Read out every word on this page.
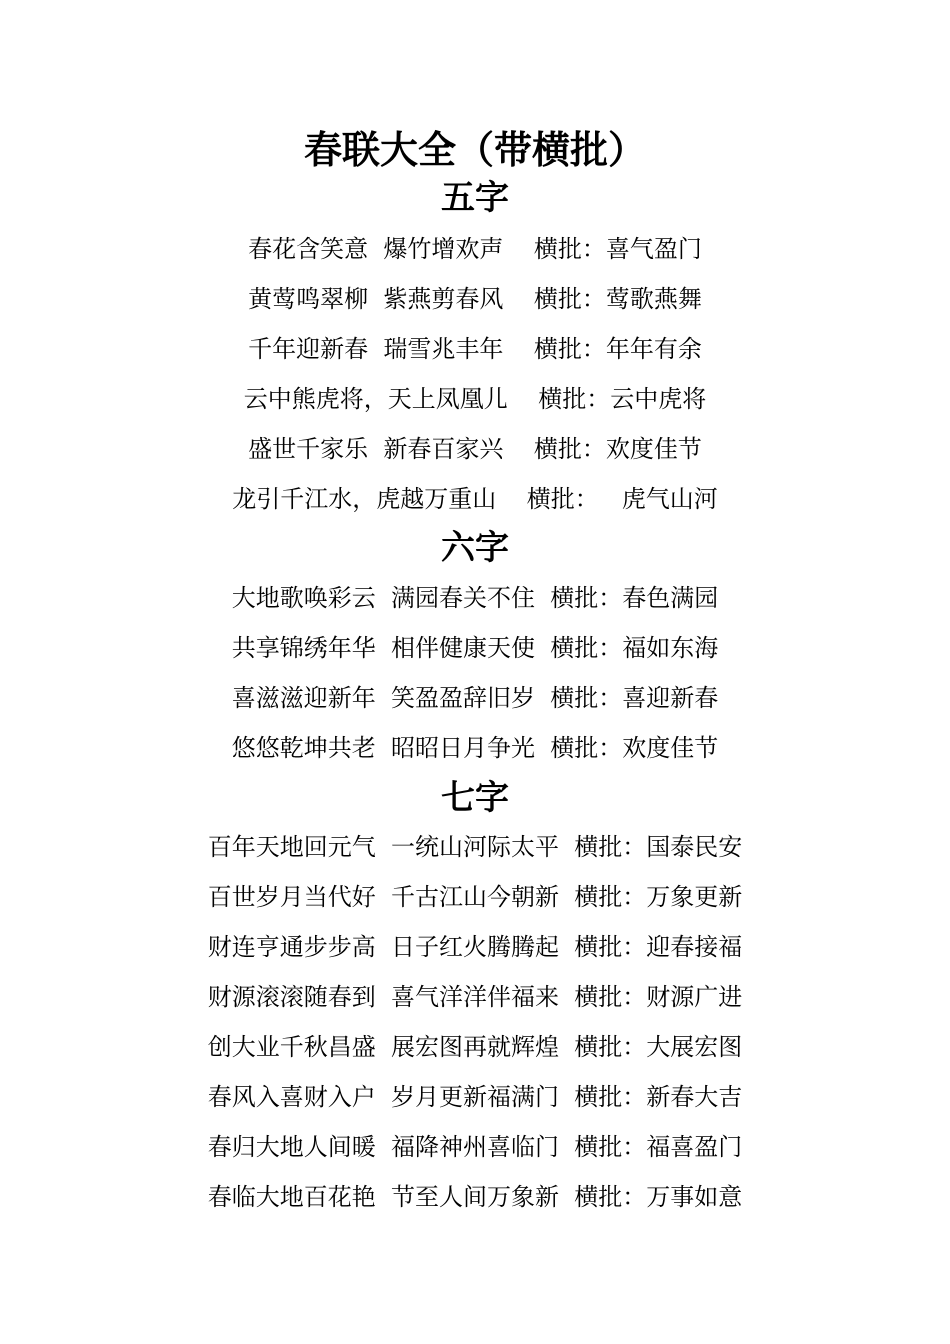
春联大全（带横批）
五字
春花含笑意  爆竹增欢声    横批：喜气盈门
黄莺鸣翠柳  紫燕剪春风    横批：莺歌燕舞
千年迎新春  瑞雪兆丰年    横批：年年有余
云中熊虎将，天上凤凰儿    横批：云中虎将
盛世千家乐  新春百家兴    横批：欢度佳节
龙引千江水，虎越万重山    横批：   虎气山河
六字
大地歌唤彩云  满园春关不住  横批：春色满园
共享锦绣年华  相伴健康天使  横批：福如东海
喜滋滋迎新年  笑盈盈辞旧岁  横批：喜迎新春
悠悠乾坤共老  昭昭日月争光  横批：欢度佳节
七字
百年天地回元气  一统山河际太平  横批：国泰民安
百世岁月当代好  千古江山今朝新  横批：万象更新
财连亨通步步高  日子红火腾腾起  横批：迎春接福
财源滚滚随春到  喜气洋洋伴福来  横批：财源广进
创大业千秋昌盛  展宏图再就辉煌  横批：大展宏图
春风入喜财入户  岁月更新福满门  横批：新春大吉
春归大地人间暖  福降神州喜临门  横批：福喜盈门
春临大地百花艳  节至人间万象新  横批：万事如意
